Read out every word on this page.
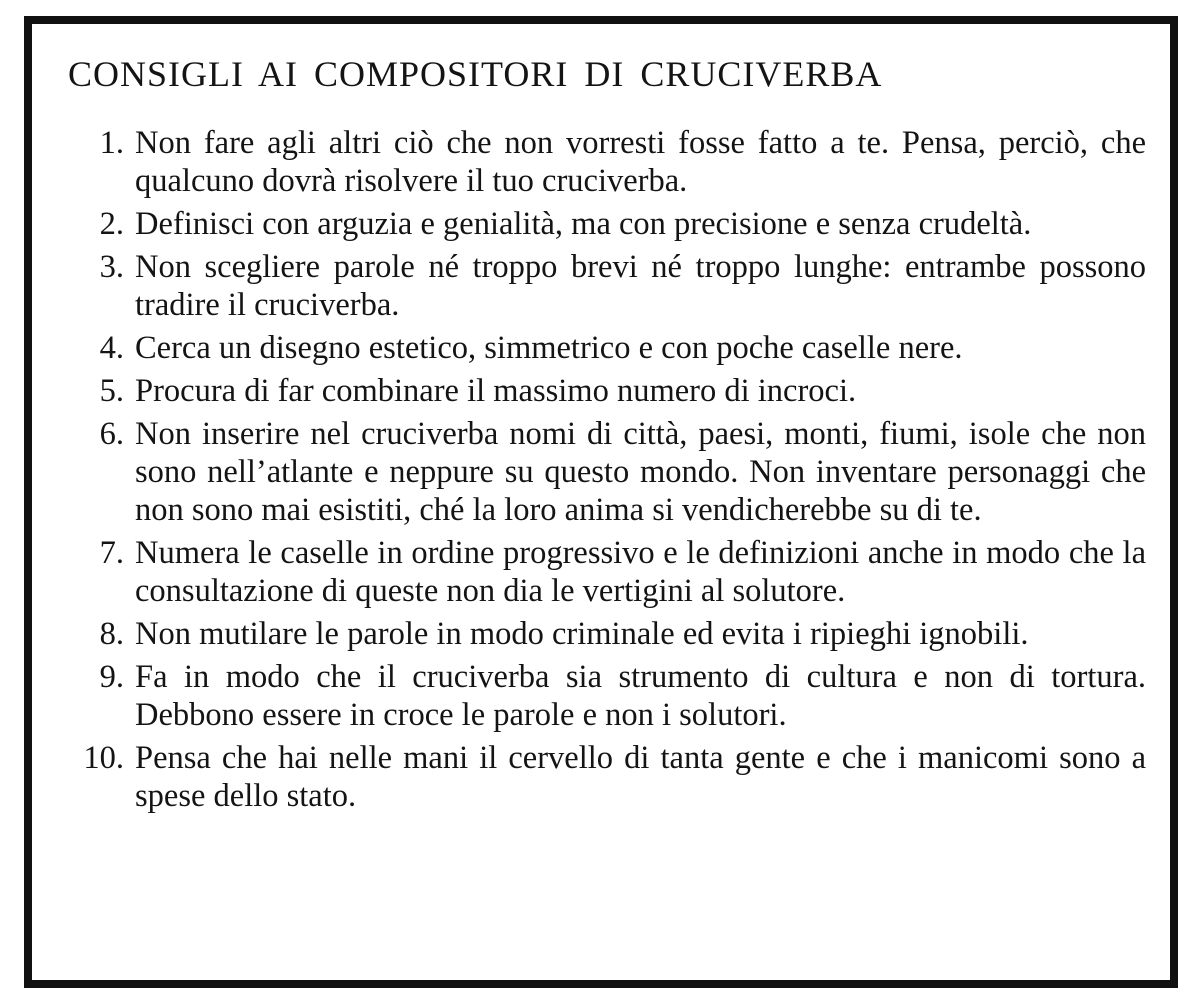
CONSIGLI AI COMPOSITORI DI CRUCIVERBA
1. Non fare agli altri ciò che non vorresti fosse fatto a te. Pensa, perciò, che qualcuno dovrà risolvere il tuo cruciverba.
2. Definisci con arguzia e genialità, ma con precisione e senza crudeltà.
3. Non scegliere parole né troppo brevi né troppo lunghe: entrambe possono tradire il cruciverba.
4. Cerca un disegno estetico, simmetrico e con poche caselle nere.
5. Procura di far combinare il massimo numero di incroci.
6. Non inserire nel cruciverba nomi di città, paesi, monti, fiumi, isole che non sono nell’atlante e neppure su questo mondo. Non inventare personaggi che non sono mai esistiti, ché la loro anima si vendicherebbe su di te.
7. Numera le caselle in ordine progressivo e le definizioni anche in modo che la consultazione di queste non dia le vertigini al solutore.
8. Non mutilare le parole in modo criminale ed evita i ripieghi ignobili.
9. Fa in modo che il cruciverba sia strumento di cultura e non di tortura. Debbono essere in croce le parole e non i solutori.
10. Pensa che hai nelle mani il cervello di tanta gente e che i manicomi sono a spese dello stato.
